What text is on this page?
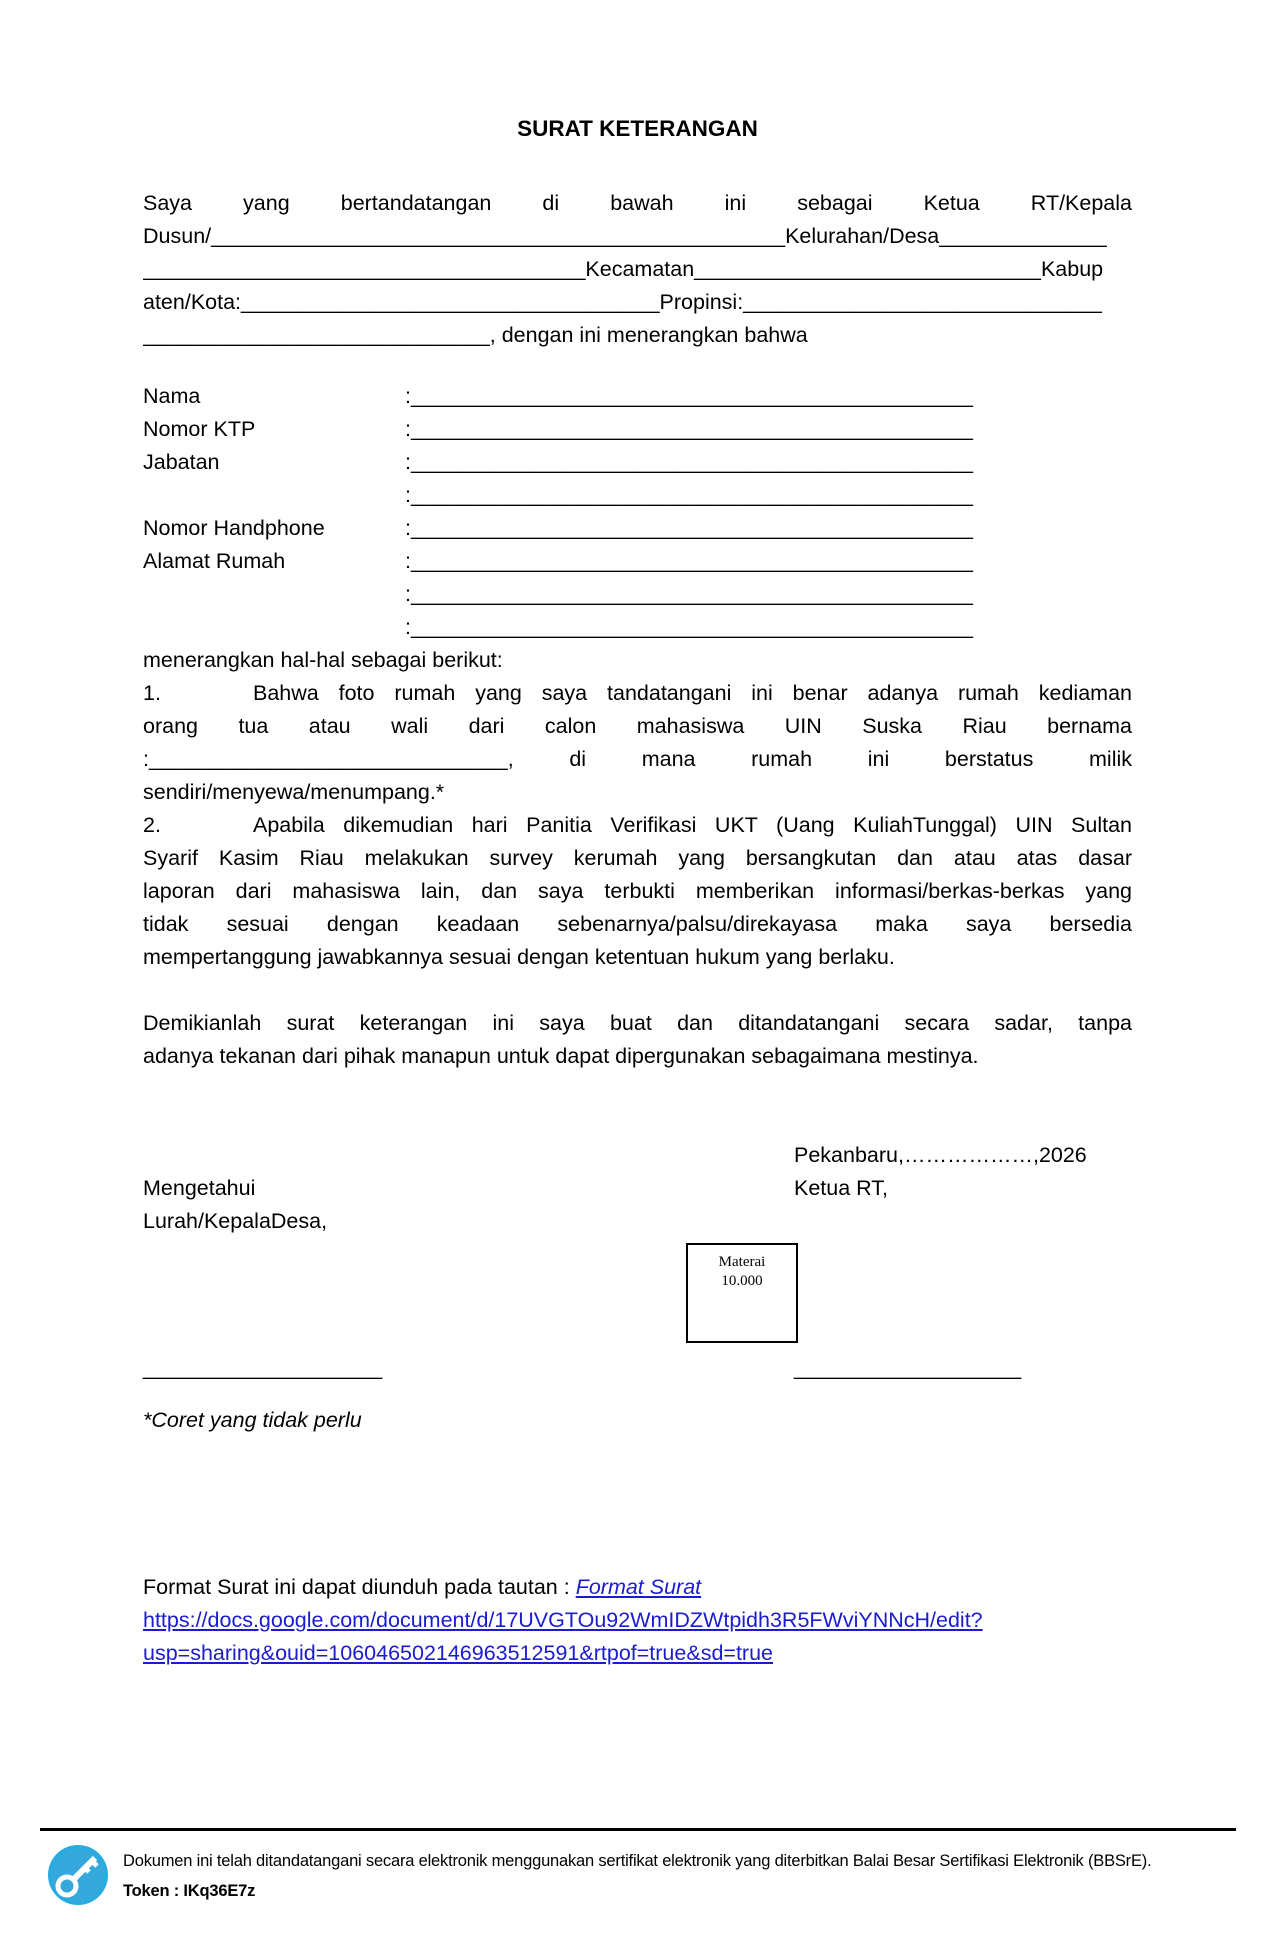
SURAT KETERANGAN
Saya yang bertandatangan di bawah ini sebagai Ketua RT/Kepala
Dusun/________________________________________________Kelurahan/Desa______________
_____________________________________Kecamatan_____________________________Kabup
aten/Kota:___________________________________Propinsi:______________________________
_____________________________, dengan ini menerangkan bahwa
Nama	:_______________________________________________
Nomor KTP	:_______________________________________________
Jabatan	:_______________________________________________
:_______________________________________________
Nomor Handphone	:_______________________________________________
Alamat Rumah	:_______________________________________________
:_______________________________________________
:_______________________________________________
menerangkan hal-hal sebagai berikut:
1.	Bahwa foto rumah yang saya tandatangani ini benar adanya rumah kediaman
orang tua atau wali dari calon mahasiswa UIN Suska Riau bernama
:______________________________, di mana rumah ini berstatus milik
sendiri/menyewa/menumpang.*
2.	Apabila dikemudian hari Panitia Verifikasi UKT (Uang KuliahTunggal) UIN Sultan
Syarif Kasim Riau melakukan survey kerumah yang bersangkutan dan atau atas dasar
laporan dari mahasiswa lain, dan saya terbukti memberikan informasi/berkas-berkas yang
tidak sesuai dengan keadaan sebenarnya/palsu/direkayasa maka saya bersedia
mempertanggung jawabkannya sesuai dengan ketentuan hukum yang berlaku.
Demikianlah surat keterangan ini saya buat dan ditandatangani secara sadar, tanpa
adanya tekanan dari pihak manapun untuk dapat dipergunakan sebagaimana mestinya.
Pekanbaru,………………,2026
Mengetahui	Ketua RT,
Lurah/KepalaDesa,
____________________	___________________
*Coret yang tidak perlu
Format Surat ini dapat diunduh pada tautan : Format Surat
https://docs.google.com/document/d/17UVGTOu92WmIDZWtpidh3R5FWviYNNcH/edit?
usp=sharing&ouid=106046502146963512591&rtpof=true&sd=true
Materai
10.000
Dokumen ini telah ditandatangani secara elektronik menggunakan sertifikat elektronik yang diterbitkan Balai Besar Sertifikasi Elektronik (BBSrE).
Token : IKq36E7z
